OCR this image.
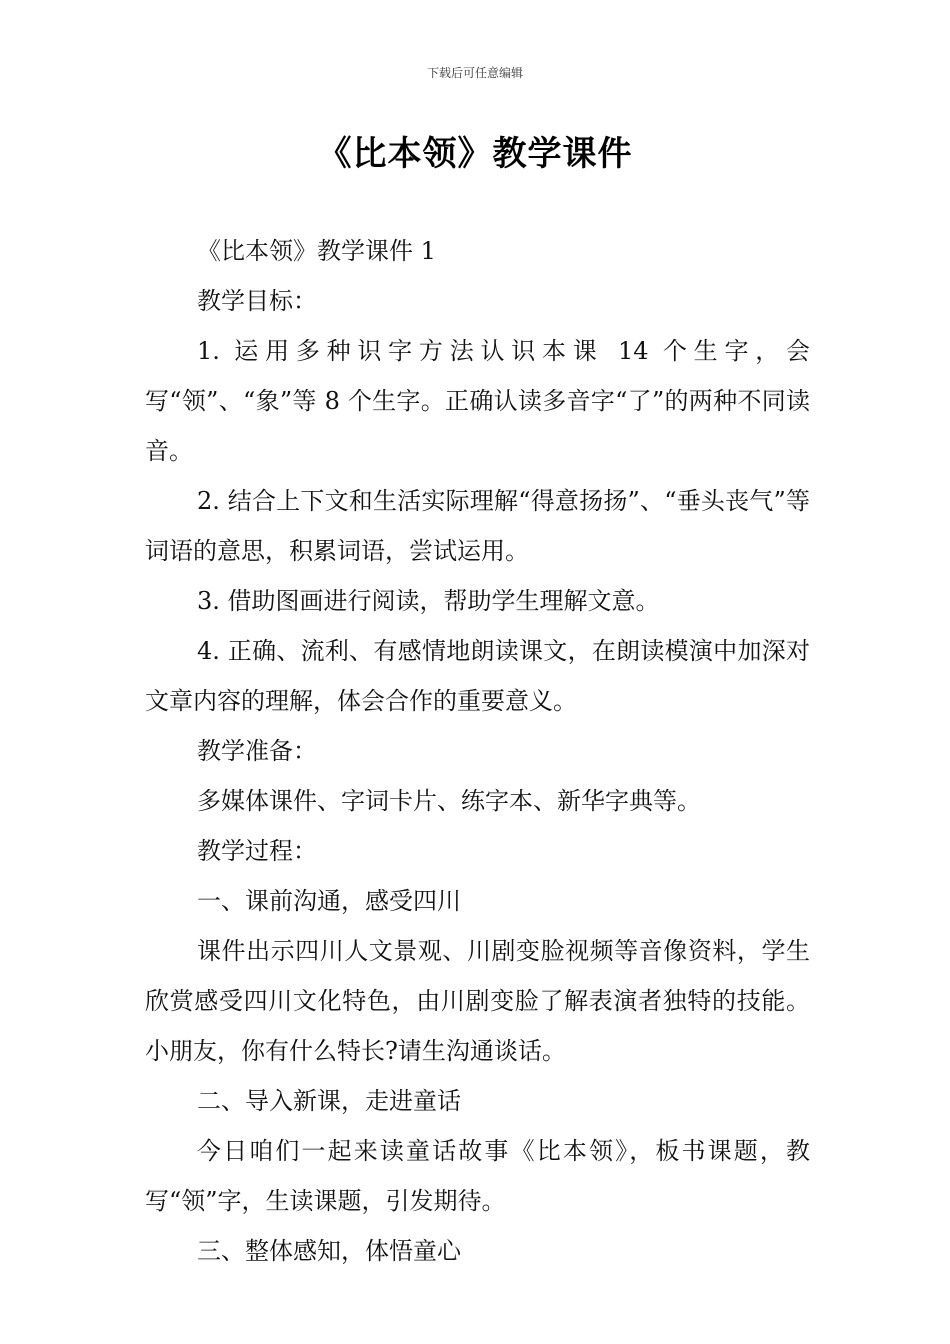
下载后可任意编辑
《比本领》教学课件

《比本领》教学课件 1

教学目标：

1. 运用多种识字方法认识本课 14 个生字，会写“领”、“象”等 8 个生字。正确认读多音字“了”的两种不同读音。

2. 结合上下文和生活实际理解“得意扬扬”、“垂头丧气”等词语的意思，积累词语，尝试运用。

3. 借助图画进行阅读，帮助学生理解文意。

4. 正确、流利、有感情地朗读课文，在朗读模演中加深对文章内容的理解，体会合作的重要意义。

教学准备：

多媒体课件、字词卡片、练字本、新华字典等。

教学过程：

一、课前沟通，感受四川

课件出示四川人文景观、川剧变脸视频等音像资料，学生欣赏感受四川文化特色，由川剧变脸了解表演者独特的技能。小朋友，你有什么特长?请生沟通谈话。

二、导入新课，走进童话

今日咱们一起来读童话故事《比本领》，板书课题，教写“领”字，生读课题，引发期待。

三、整体感知，体悟童心
